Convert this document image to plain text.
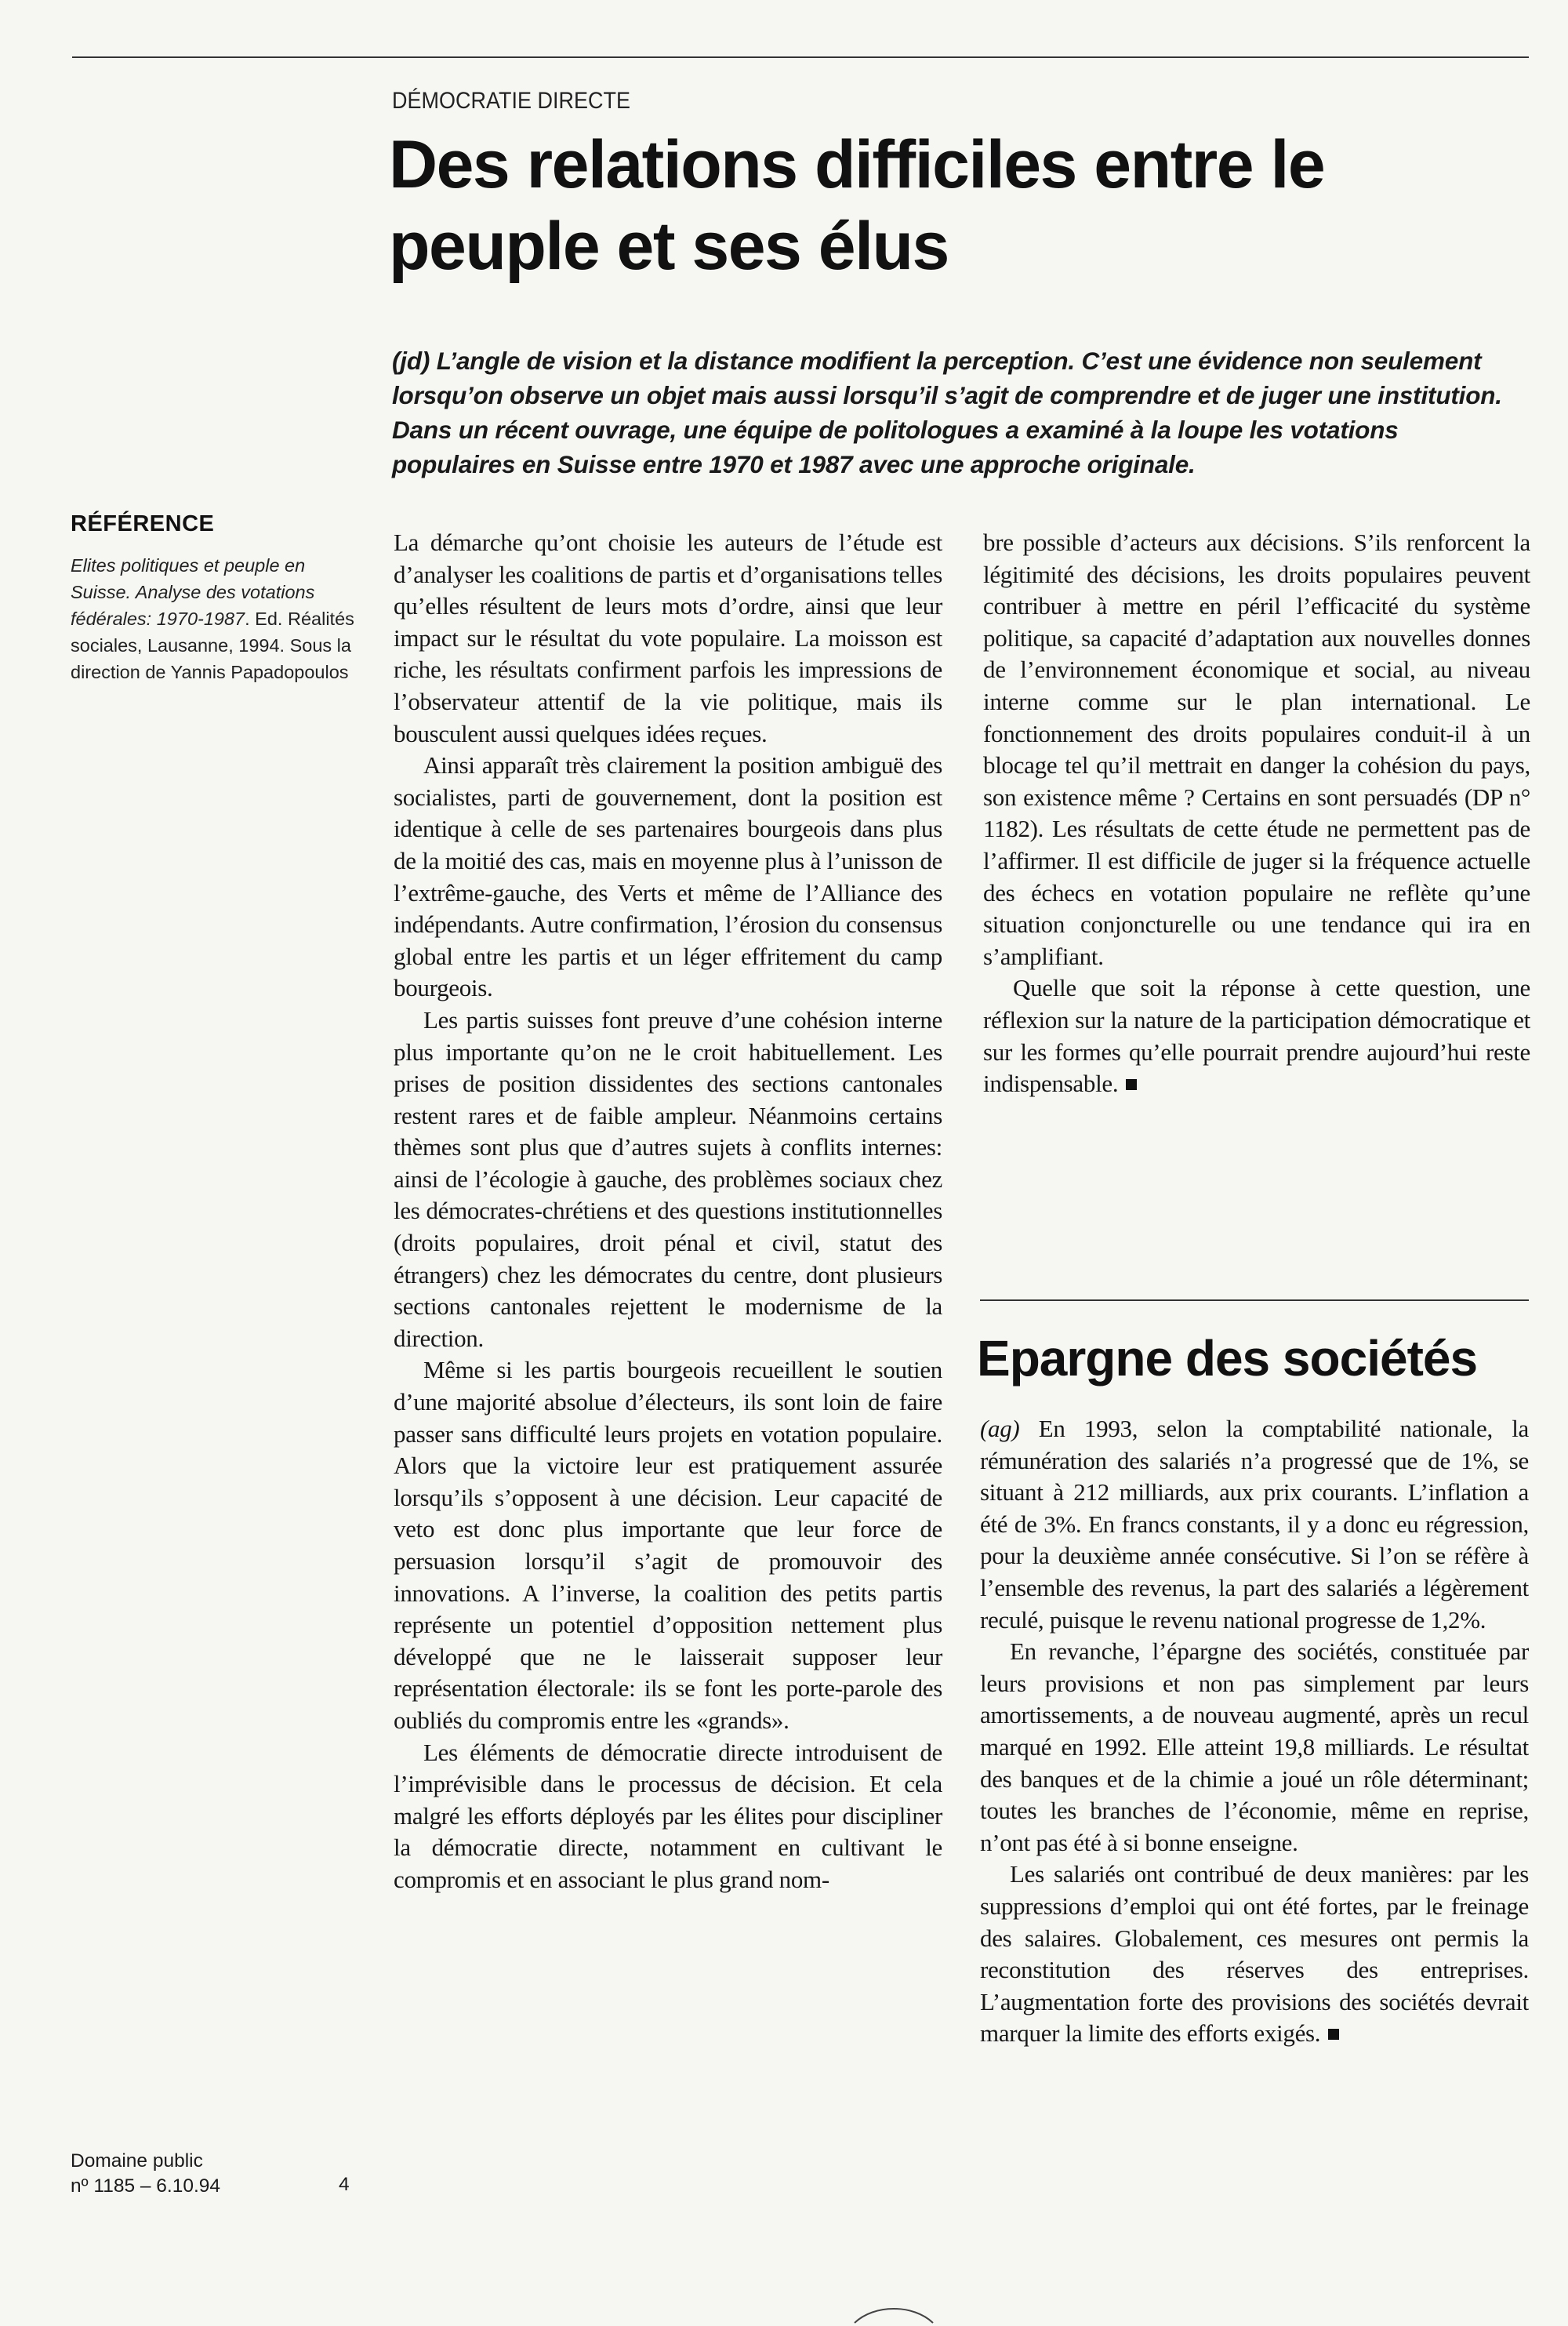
DÉMOCRATIE DIRECTE
Des relations difficiles entre le peuple et ses élus

(jd) L’angle de vision et la distance modifient la perception. C’est une évidence non seulement lorsqu’on observe un objet mais aussi lorsqu’il s’agit de comprendre et de juger une institution. Dans un récent ouvrage, une équipe de politologues a examiné à la loupe les votations populaires en Suisse entre 1970 et 1987 avec une approche originale.

RÉFÉRENCE

Elites politiques et peuple en Suisse. Analyse des votations fédérales: 1970-1987. Ed. Réalités sociales, Lausanne, 1994. Sous la direction de Yannis Papadopoulos

La démarche qu’ont choisie les auteurs de l’étude est d’analyser les coalitions de partis et d’organisations telles qu’elles résultent de leurs mots d’ordre, ainsi que leur impact sur le résultat du vote populaire. La moisson est riche, les résultats confirment parfois les impressions de l’observateur attentif de la vie politique, mais ils bousculent aussi quelques idées reçues.

Ainsi apparaît très clairement la position ambiguë des socialistes, parti de gouvernement, dont la position est identique à celle de ses partenaires bourgeois dans plus de la moitié des cas, mais en moyenne plus à l’unisson de l’extrême-gauche, des Verts et même de l’Alliance des indépendants. Autre confirmation, l’érosion du consensus global entre les partis et un léger effritement du camp bourgeois.

Les partis suisses font preuve d’une cohésion interne plus importante qu’on ne le croit habituellement. Les prises de position dissidentes des sections cantonales restent rares et de faible ampleur. Néanmoins certains thèmes sont plus que d’autres sujets à conflits internes: ainsi de l’écologie à gauche, des problèmes sociaux chez les démocrates-chrétiens et des questions institutionnelles (droits populaires, droit pénal et civil, statut des étrangers) chez les démocrates du centre, dont plusieurs sections cantonales rejettent le modernisme de la direction.

Même si les partis bourgeois recueillent le soutien d’une majorité absolue d’électeurs, ils sont loin de faire passer sans difficulté leurs projets en votation populaire. Alors que la victoire leur est pratiquement assurée lorsqu’ils s’opposent à une décision. Leur capacité de veto est donc plus importante que leur force de persuasion lorsqu’il s’agit de promouvoir des innovations. A l’inverse, la coalition des petits partis représente un potentiel d’opposition nettement plus développé que ne le laisserait supposer leur représentation électorale: ils se font les porte-parole des oubliés du compromis entre les «grands».

Les éléments de démocratie directe introduisent de l’imprévisible dans le processus de décision. Et cela malgré les efforts déployés par les élites pour discipliner la démocratie directe, notamment en cultivant le compromis et en associant le plus grand nom-

bre possible d’acteurs aux décisions. S’ils renforcent la légitimité des décisions, les droits populaires peuvent contribuer à mettre en péril l’efficacité du système politique, sa capacité d’adaptation aux nouvelles donnes de l’environnement économique et social, au niveau interne comme sur le plan international. Le fonctionnement des droits populaires conduit-il à un blocage tel qu’il mettrait en danger la cohésion du pays, son existence même ? Certains en sont persuadés (DP n° 1182). Les résultats de cette étude ne permettent pas de l’affirmer. Il est difficile de juger si la fréquence actuelle des échecs en votation populaire ne reflète qu’une situation conjoncturelle ou une tendance qui ira en s’amplifiant.

Quelle que soit la réponse à cette question, une réflexion sur la nature de la participation démocratique et sur les formes qu’elle pourrait prendre aujourd’hui reste indispensable.

Epargne des sociétés

(ag) En 1993, selon la comptabilité nationale, la rémunération des salariés n’a progressé que de 1%, se situant à 212 milliards, aux prix courants. L’inflation a été de 3%. En francs constants, il y a donc eu régression, pour la deuxième année consécutive. Si l’on se réfère à l’ensemble des revenus, la part des salariés a légèrement reculé, puisque le revenu national progresse de 1,2%.

En revanche, l’épargne des sociétés, constituée par leurs provisions et non pas simplement par leurs amortissements, a de nouveau augmenté, après un recul marqué en 1992. Elle atteint 19,8 milliards. Le résultat des banques et de la chimie a joué un rôle déterminant; toutes les branches de l’économie, même en reprise, n’ont pas été à si bonne enseigne.

Les salariés ont contribué de deux manières: par les suppressions d’emploi qui ont été fortes, par le freinage des salaires. Globalement, ces mesures ont permis la reconstitution des réserves des entreprises. L’augmentation forte des provisions des sociétés devrait marquer la limite des efforts exigés.

Domaine public
nº 1185 – 6.10.94	4
